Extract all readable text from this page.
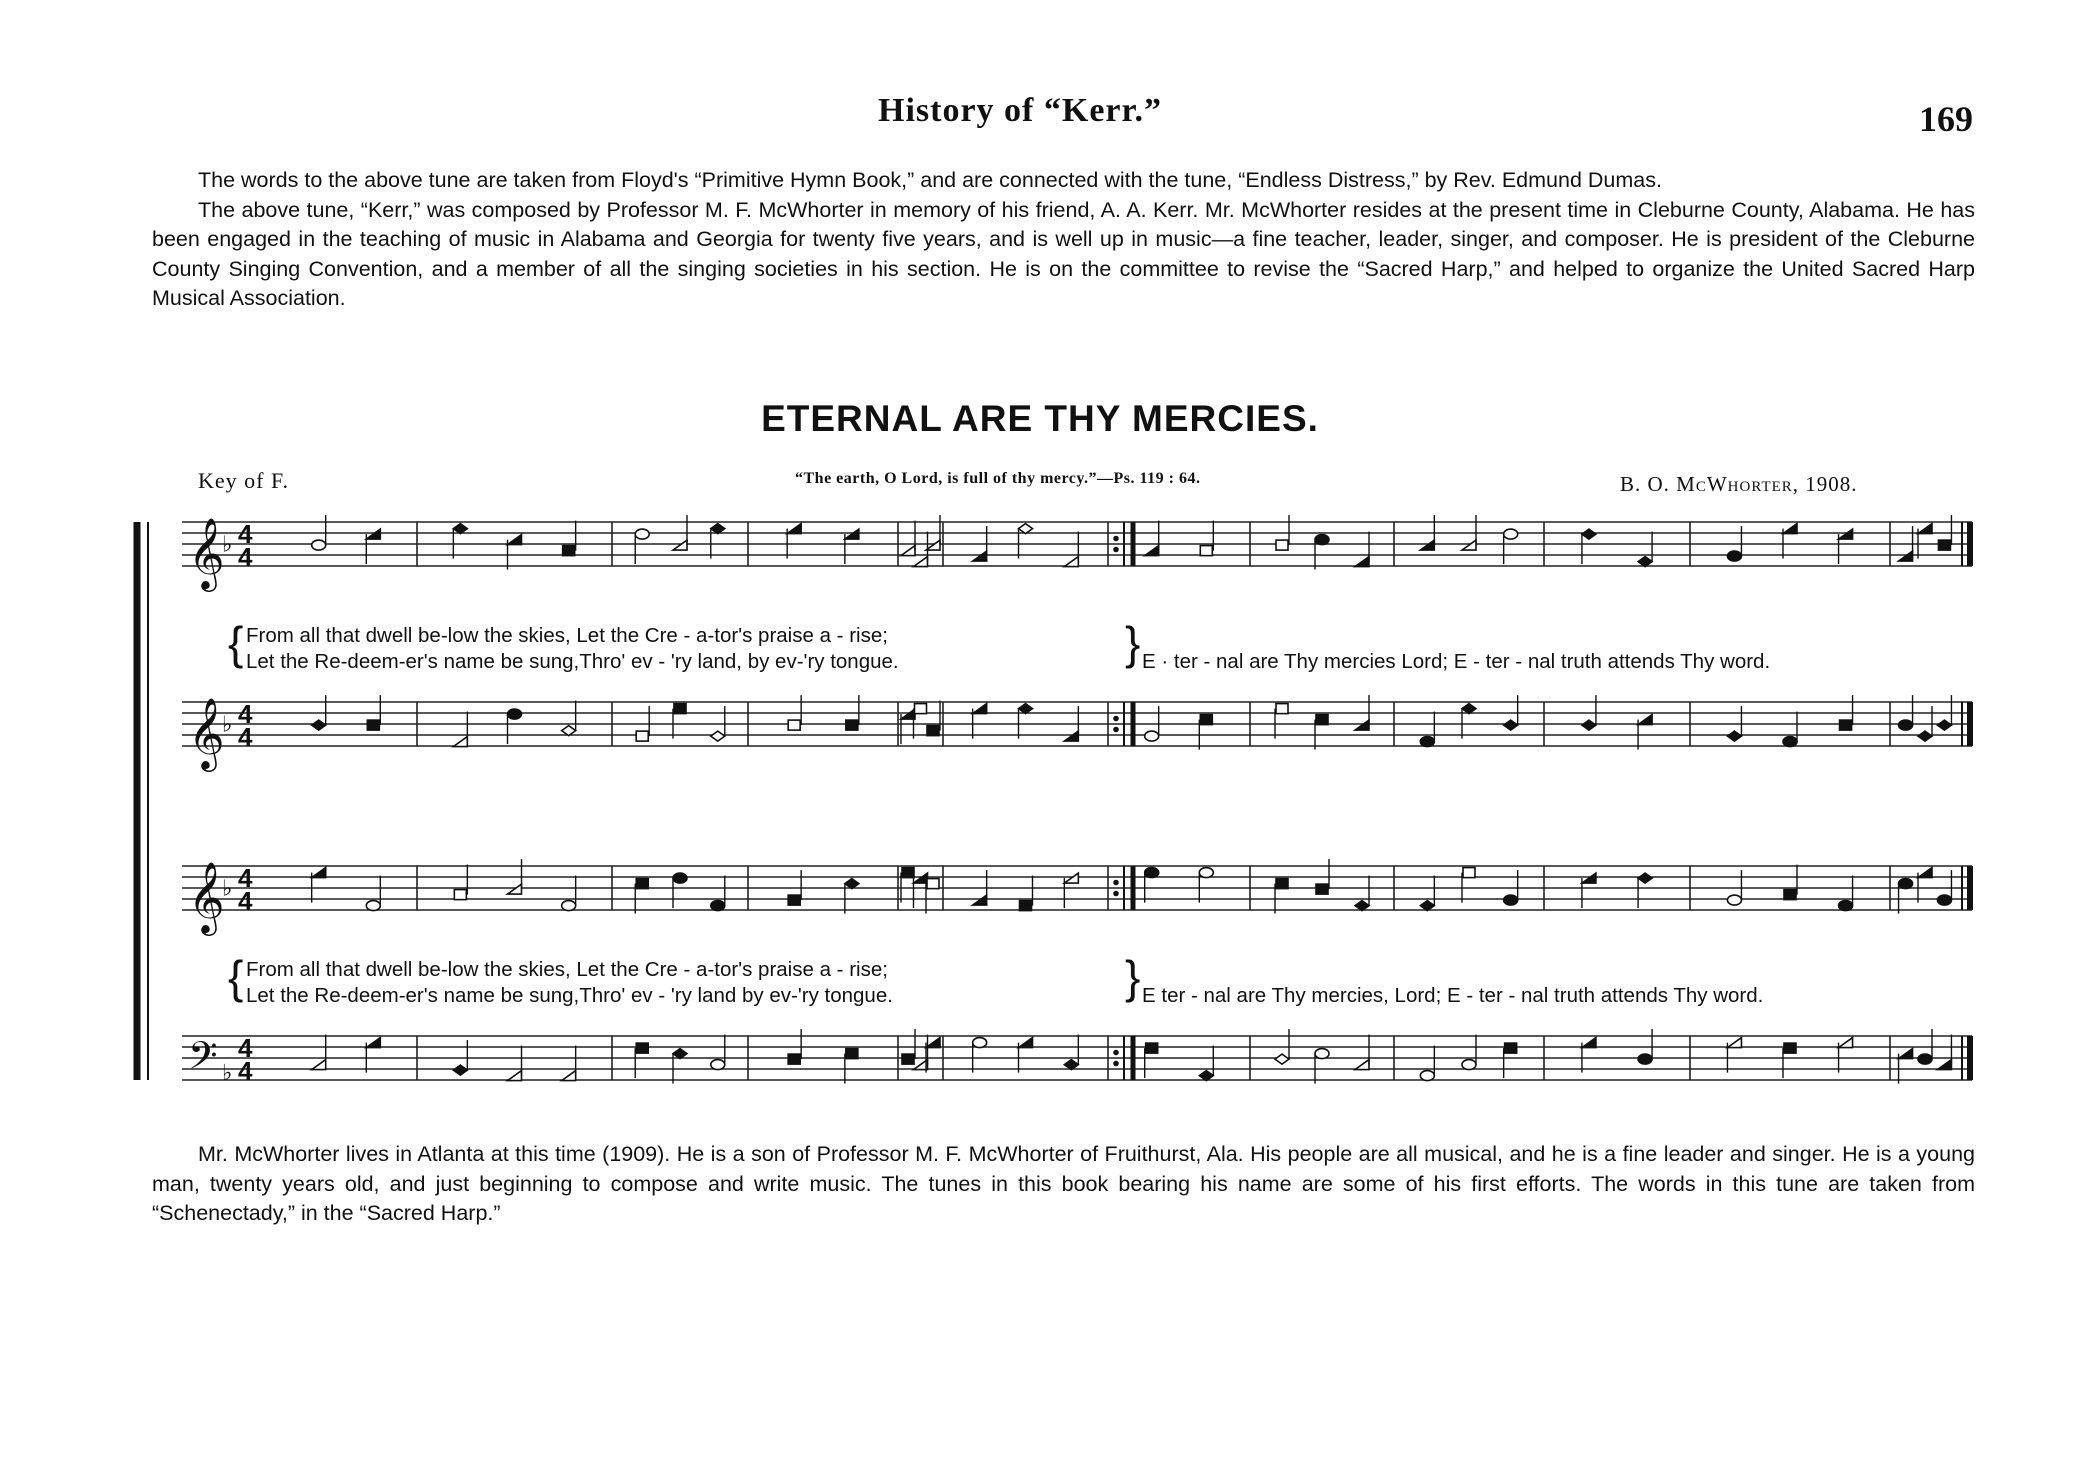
History of “Kerr.”	169

The words to the above tune are taken from Floyd's “Primitive Hymn Book,” and are connected with the tune, “Endless Distress,” by Rev. Edmund Dumas.

The above tune, “Kerr,” was composed by Professor M. F. McWhorter in memory of his friend, A. A. Kerr. Mr. McWhorter resides at the present time in Cleburne County, Alabama. He has been engaged in the teaching of music in Alabama and Georgia for twenty five years, and is well up in music—a fine teacher, leader, singer, and composer. He is president of the Cleburne County Singing Convention, and a member of all the singing societies in his section. He is on the committee to revise the “Sacred Harp,” and helped to organize the United Sacred Harp Musical Association.

ETERNAL ARE THY MERCIES.
Key of F.	“The earth, O Lord, is full of thy mercy.”—Ps. 119 : 64.	B. O. McWhorter, 1908.
𝄞
♭ 4
4
𝄞
♭ 4
4
𝄞
♭ 4
4
𝄢 ♭
4
4
{ From all that dwell be-low the skies, Let the Cre - a-tor's praise a - rise;
Let the Re-deem-er's name be sung,Thro' ev - 'ry land, by ev-'ry tongue.	} E · ter - nal are Thy mercies Lord; E - ter - nal truth attends Thy word.
{ From all that dwell be-low the skies, Let the Cre - a-tor's praise a - rise;
Let the Re-deem-er's name be sung,Thro' ev - 'ry land by ev-'ry tongue.	} E ter - nal are Thy mercies, Lord; E - ter - nal truth attends Thy word.

Mr. McWhorter lives in Atlanta at this time (1909). He is a son of Professor M. F. McWhorter of Fruithurst, Ala. His people are all musical, and he is a fine leader and singer. He is a young man, twenty years old, and just beginning to compose and write music. The tunes in this book bearing his name are some of his first efforts. The words in this tune are taken from “Schenectady,” in the “Sacred Harp.”
